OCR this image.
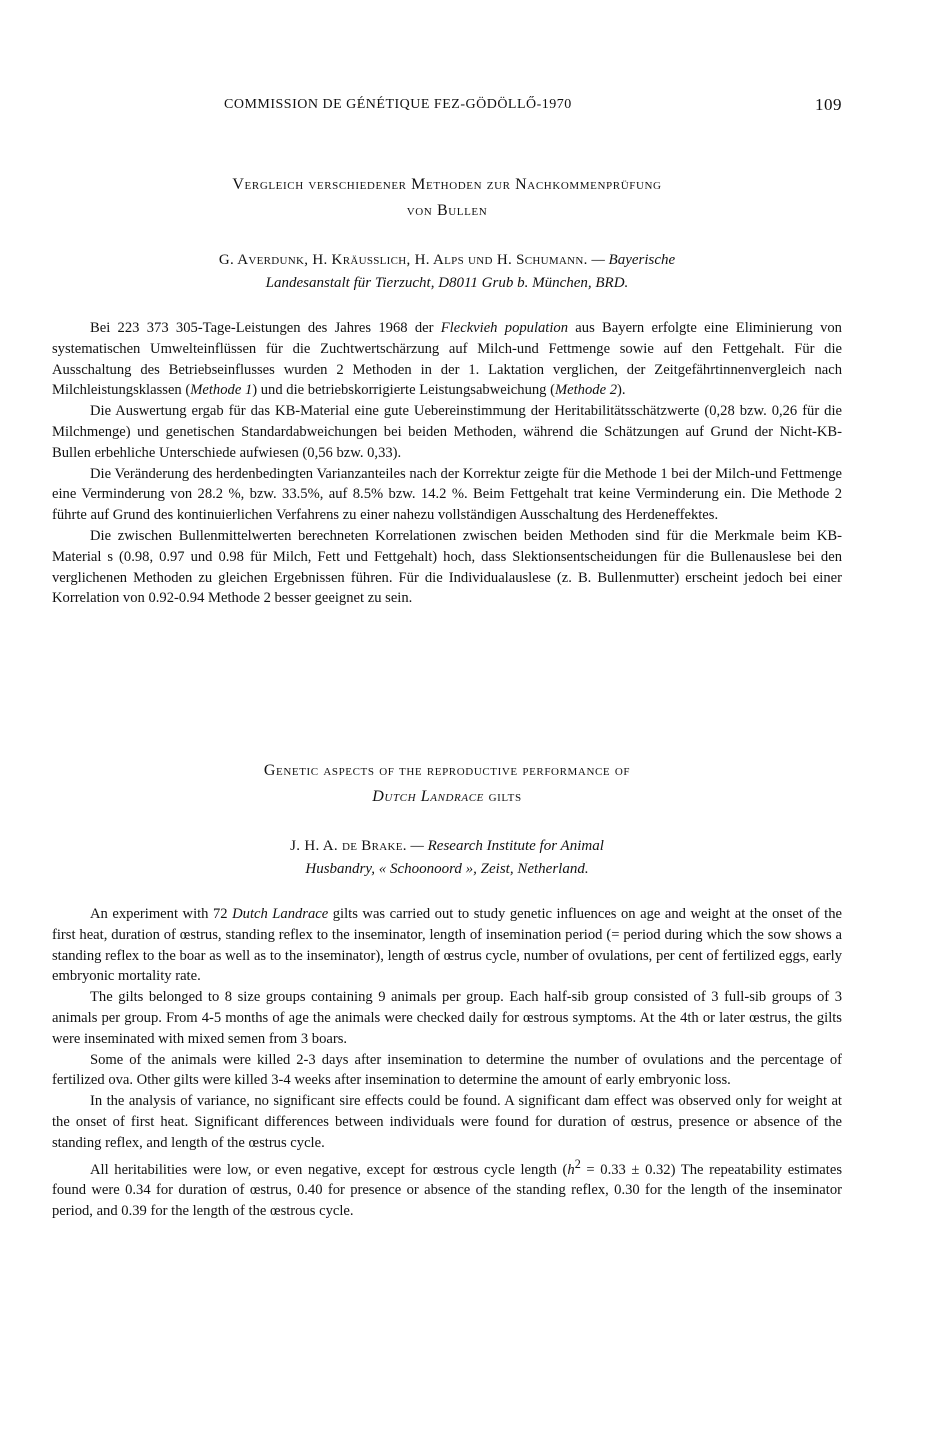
COMMISSION DE GÉNÉTIQUE FEZ-GÖDÖLLŐ-1970	109
Vergleich verschiedener Methoden zur Nachkommenprüfung
von Bullen
G. Averdunk, H. Kräusslich, H. Alps und H. Schumann. — Bayerische
Landesanstalt für Tierzucht, D8011 Grub b. München, BRD.

Bei 223 373 305-Tage-Leistungen des Jahres 1968 der Fleckvieh population aus Bayern erfolgte eine Eliminierung von systematischen Umwelteinflüssen für die Zuchtwertschärzung auf Milch-und Fettmenge sowie auf den Fettgehalt. Für die Ausschaltung des Betriebseinflusses wurden 2 Methoden in der 1. Laktation verglichen, der Zeitgefährtinnenvergleich nach Milchleistungsklassen (Methode 1) und die betriebskorrigierte Leistungsabweichung (Methode 2).

Die Auswertung ergab für das KB-Material eine gute Uebereinstimmung der Heritabilitätsschätzwerte (0,28 bzw. 0,26 für die Milchmenge) und genetischen Standardabweichungen bei beiden Methoden, während die Schätzungen auf Grund der Nicht-KB-Bullen erbehliche Unterschiede aufwiesen (0,56 bzw. 0,33).

Die Veränderung des herdenbedingten Varianzanteiles nach der Korrektur zeigte für die Methode 1 bei der Milch-und Fettmenge eine Verminderung von 28.2 %, bzw. 33.5%, auf 8.5% bzw. 14.2 %. Beim Fettgehalt trat keine Verminderung ein. Die Methode 2 führte auf Grund des kontinuierlichen Verfahrens zu einer nahezu vollständigen Ausschaltung des Herdeneffektes.

Die zwischen Bullenmittelwerten berechneten Korrelationen zwischen beiden Methoden sind für die Merkmale beim KB-Material s (0.98, 0.97 und 0.98 für Milch, Fett und Fettgehalt) hoch, dass Slektionsentscheidungen für die Bullenauslese bei den verglichenen Methoden zu gleichen Ergebnissen führen. Für die Individualauslese (z. B. Bullenmutter) erscheint jedoch bei einer Korrelation von 0.92-0.94 Methode 2 besser geeignet zu sein.

Genetic aspects of the reproductive performance of
Dutch Landrace gilts
J. H. A. de Brake. — Research Institute for Animal
Husbandry, « Schoonoord », Zeist, Netherland.

An experiment with 72 Dutch Landrace gilts was carried out to study genetic influences on age and weight at the onset of the first heat, duration of œstrus, standing reflex to the inseminator, length of insemination period (= period during which the sow shows a standing reflex to the boar as well as to the inseminator), length of œstrus cycle, number of ovulations, per cent of fertilized eggs, early embryonic mortality rate.

The gilts belonged to 8 size groups containing 9 animals per group. Each half-sib group consisted of 3 full-sib groups of 3 animals per group. From 4-5 months of age the animals were checked daily for œstrous symptoms. At the 4th or later œstrus, the gilts were inseminated with mixed semen from 3 boars.

Some of the animals were killed 2-3 days after insemination to determine the number of ovulations and the percentage of fertilized ova. Other gilts were killed 3-4 weeks after insemination to determine the amount of early embryonic loss.

In the analysis of variance, no significant sire effects could be found. A significant dam effect was observed only for weight at the onset of first heat. Significant differences between individuals were found for duration of œstrus, presence or absence of the standing reflex, and length of the œstrus cycle.

All heritabilities were low, or even negative, except for œstrous cycle length $(h^2 = 0.33 \pm 0.32)$ The repeatability estimates found were 0.34 for duration of œstrus, 0.40 for presence or absence of the standing reflex, 0.30 for the length of the inseminator period, and 0.39 for the length of the œstrous cycle.
